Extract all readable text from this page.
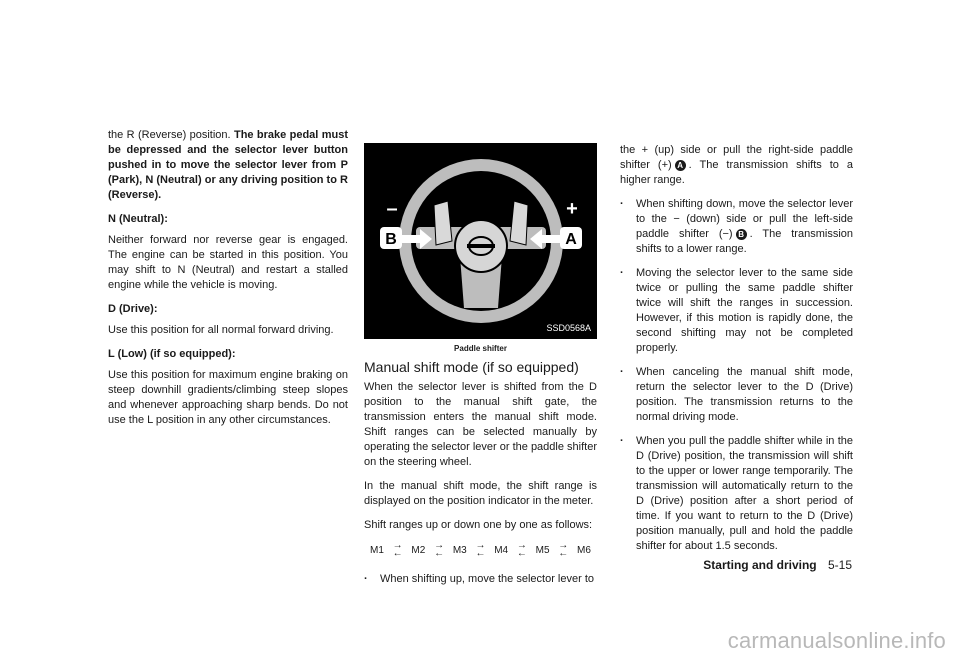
the R (Reverse) position. The brake pedal must be depressed and the selector lever button pushed in to move the selector lever from P (Park), N (Neutral) or any driving position to R (Reverse).

N (Neutral):

Neither forward nor reverse gear is engaged. The engine can be started in this position. You may shift to N (Neutral) and restart a stalled engine while the vehicle is moving.

D (Drive):

Use this position for all normal forward driving.

L (Low) (if so equipped):

Use this position for maximum engine braking on steep downhill gradients/climbing steep slopes and whenever approaching sharp bends. Do not use the L position in any other circumstances.

B	A
–	+
SSD0568A
Paddle shifter
Manual shift mode (if so equipped)

When the selector lever is shifted from the D position to the manual shift gate, the transmission enters the manual shift mode. Shift ranges can be selected manually by operating the selector lever or the paddle shifter on the steering wheel.

In the manual shift mode, the shift range is displayed on the position indicator in the meter.

Shift ranges up or down one by one as follows:

M1 →
← M2 →
← M3 →
← M4 →
← M5 →
← M6

. When shifting up, move the selector lever to

the + (up) side or pull the right-side paddle shifter (+) A . The transmission shifts to a higher range.

. When shifting down, move the selector lever to the − (down) side or pull the left-side paddle shifter (−) B . The transmission shifts to a lower range.

. Moving the selector lever to the same side twice or pulling the same paddle shifter twice will shift the ranges in succession. However, if this motion is rapidly done, the second shifting may not be completed properly.

. When canceling the manual shift mode, return the selector lever to the D (Drive) position. The transmission returns to the normal driving mode.

. When you pull the paddle shifter while in the D (Drive) position, the transmission will shift to the upper or lower range temporarily. The transmission will automatically return to the D (Drive) position after a short period of time. If you want to return to the D (Drive) position manually, pull and hold the paddle shifter for about 1.5 seconds.

Starting and driving 5-15
carmanualsonline.info
